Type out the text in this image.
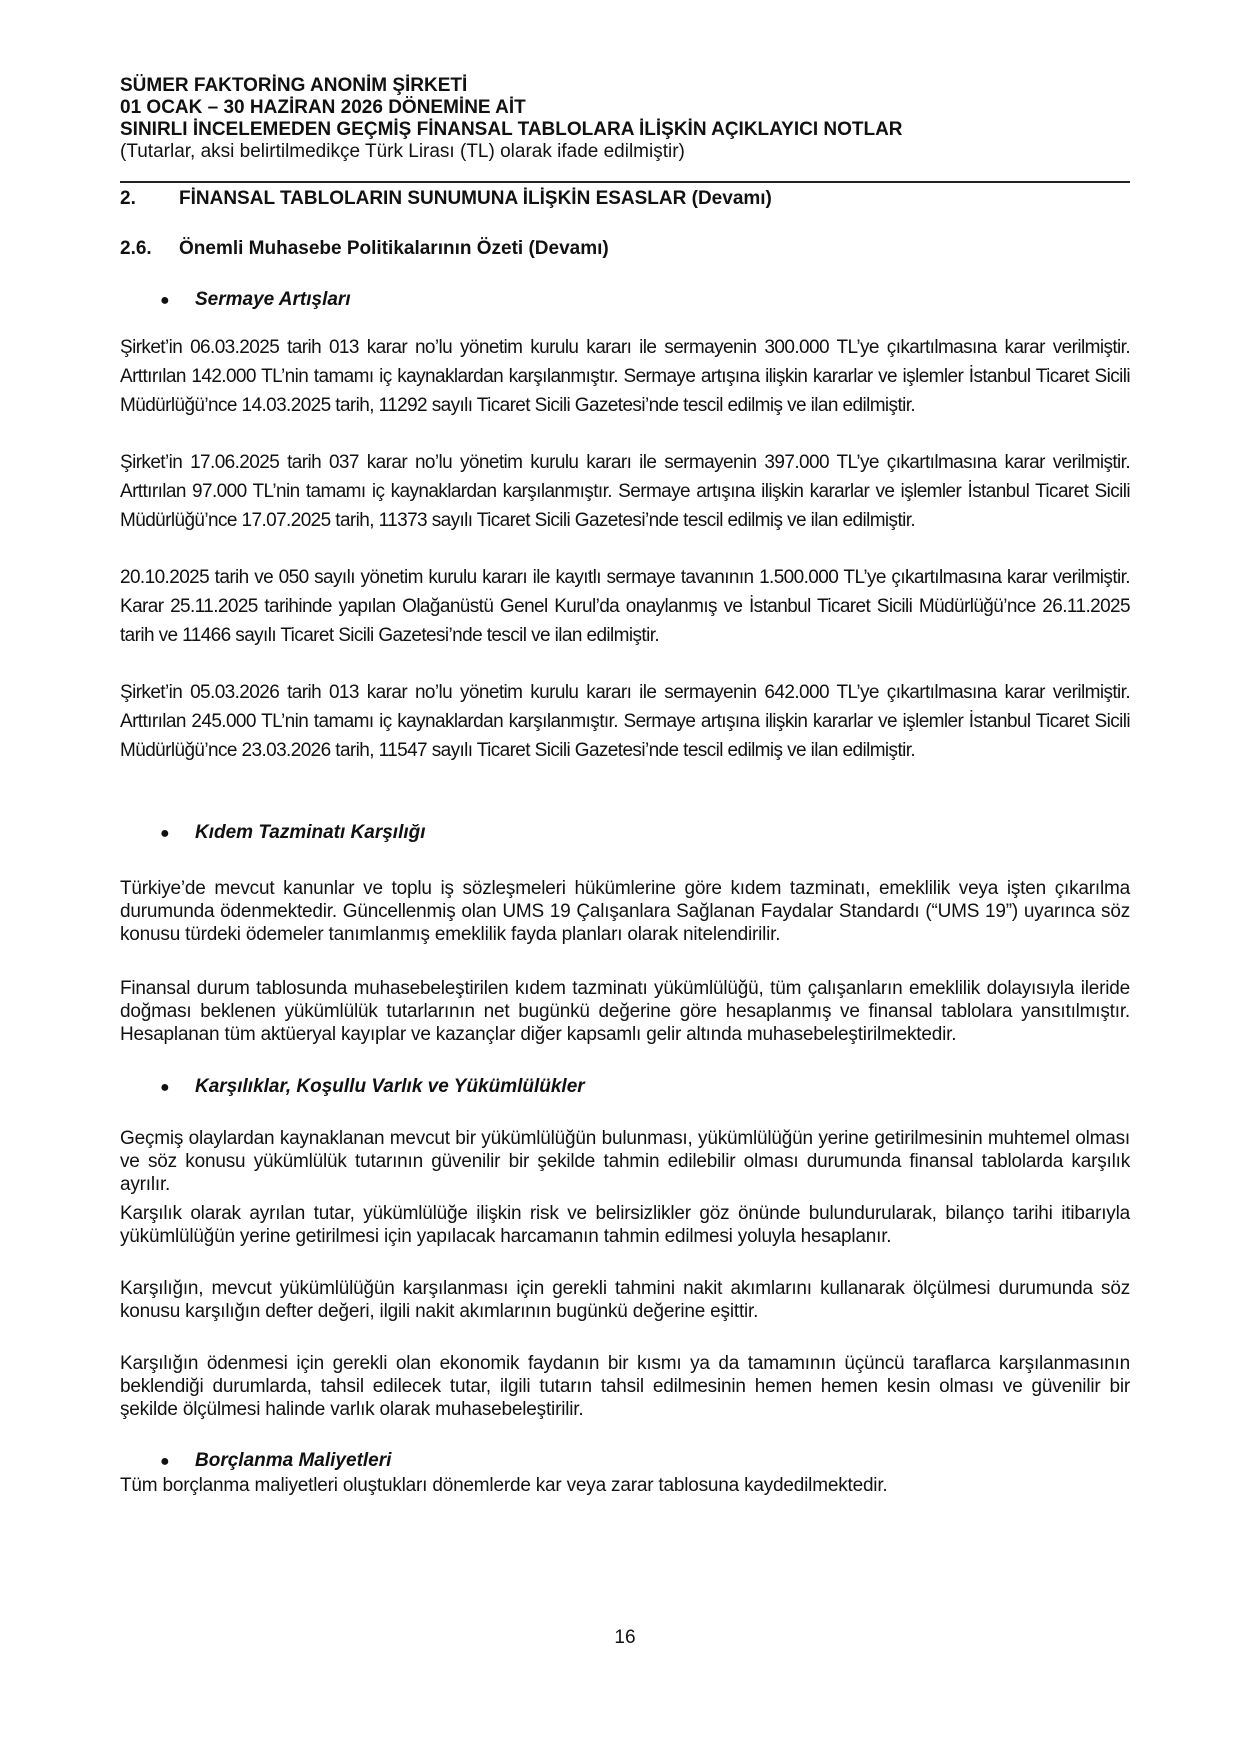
SÜMER FAKTORİNG ANONİM ŞİRKETİ

01 OCAK – 30 HAZİRAN 2026 DÖNEMİNE AİT

SINIRLI İNCELEMEDEN GEÇMİŞ FİNANSAL TABLOLARA İLİŞKİN AÇIKLAYICI NOTLAR

(Tutarlar, aksi belirtilmedikçe Türk Lirası (TL) olarak ifade edilmiştir)

2. FİNANSAL TABLOLARIN SUNUMUNA İLİŞKİN ESASLAR (Devamı)
2.6. Önemli Muhasebe Politikalarının Özeti (Devamı)
● Sermaye Artışları

Şirket’in 06.03.2025 tarih 013 karar no’lu yönetim kurulu kararı ile sermayenin 300.000 TL’ye çıkartılmasına karar verilmiştir. Arttırılan 142.000 TL’nin tamamı iç kaynaklardan karşılanmıştır. Sermaye artışına ilişkin kararlar ve işlemler İstanbul Ticaret Sicili Müdürlüğü’nce 14.03.2025 tarih, 11292 sayılı Ticaret Sicili Gazetesi’nde tescil edilmiş ve ilan edilmiştir.

Şirket’in 17.06.2025 tarih 037 karar no’lu yönetim kurulu kararı ile sermayenin 397.000 TL’ye çıkartılmasına karar verilmiştir. Arttırılan 97.000 TL’nin tamamı iç kaynaklardan karşılanmıştır. Sermaye artışına ilişkin kararlar ve işlemler İstanbul Ticaret Sicili Müdürlüğü’nce 17.07.2025 tarih, 11373 sayılı Ticaret Sicili Gazetesi’nde tescil edilmiş ve ilan edilmiştir.

20.10.2025 tarih ve 050 sayılı yönetim kurulu kararı ile kayıtlı sermaye tavanının 1.500.000 TL’ye çıkartılmasına karar verilmiştir. Karar 25.11.2025 tarihinde yapılan Olağanüstü Genel Kurul’da onaylanmış ve İstanbul Ticaret Sicili Müdürlüğü’nce 26.11.2025 tarih ve 11466 sayılı Ticaret Sicili Gazetesi’nde tescil ve ilan edilmiştir.

Şirket’in 05.03.2026 tarih 013 karar no’lu yönetim kurulu kararı ile sermayenin 642.000 TL’ye çıkartılmasına karar verilmiştir. Arttırılan 245.000 TL’nin tamamı iç kaynaklardan karşılanmıştır. Sermaye artışına ilişkin kararlar ve işlemler İstanbul Ticaret Sicili Müdürlüğü’nce 23.03.2026 tarih, 11547 sayılı Ticaret Sicili Gazetesi’nde tescil edilmiş ve ilan edilmiştir.

● Kıdem Tazminatı Karşılığı

Türkiye’de mevcut kanunlar ve toplu iş sözleşmeleri hükümlerine göre kıdem tazminatı, emeklilik veya işten çıkarılma durumunda ödenmektedir. Güncellenmiş olan UMS 19 Çalışanlara Sağlanan Faydalar Standardı (“UMS 19”) uyarınca söz konusu türdeki ödemeler tanımlanmış emeklilik fayda planları olarak nitelendirilir.

Finansal durum tablosunda muhasebeleştirilen kıdem tazminatı yükümlülüğü, tüm çalışanların emeklilik dolayısıyla ileride doğması beklenen yükümlülük tutarlarının net bugünkü değerine göre hesaplanmış ve finansal tablolara yansıtılmıştır. Hesaplanan tüm aktüeryal kayıplar ve kazançlar diğer kapsamlı gelir altında muhasebeleştirilmektedir.

● Karşılıklar, Koşullu Varlık ve Yükümlülükler

Geçmiş olaylardan kaynaklanan mevcut bir yükümlülüğün bulunması, yükümlülüğün yerine getirilmesinin muhtemel olması ve söz konusu yükümlülük tutarının güvenilir bir şekilde tahmin edilebilir olması durumunda finansal tablolarda karşılık ayrılır.

Karşılık olarak ayrılan tutar, yükümlülüğe ilişkin risk ve belirsizlikler göz önünde bulundurularak, bilanço tarihi itibarıyla yükümlülüğün yerine getirilmesi için yapılacak harcamanın tahmin edilmesi yoluyla hesaplanır.

Karşılığın, mevcut yükümlülüğün karşılanması için gerekli tahmini nakit akımlarını kullanarak ölçülmesi durumunda söz konusu karşılığın defter değeri, ilgili nakit akımlarının bugünkü değerine eşittir.

Karşılığın ödenmesi için gerekli olan ekonomik faydanın bir kısmı ya da tamamının üçüncü taraflarca karşılanmasının beklendiği durumlarda, tahsil edilecek tutar, ilgili tutarın tahsil edilmesinin hemen hemen kesin olması ve güvenilir bir şekilde ölçülmesi halinde varlık olarak muhasebeleştirilir.

● Borçlanma Maliyetleri

Tüm borçlanma maliyetleri oluştukları dönemlerde kar veya zarar tablosuna kaydedilmektedir.

16
